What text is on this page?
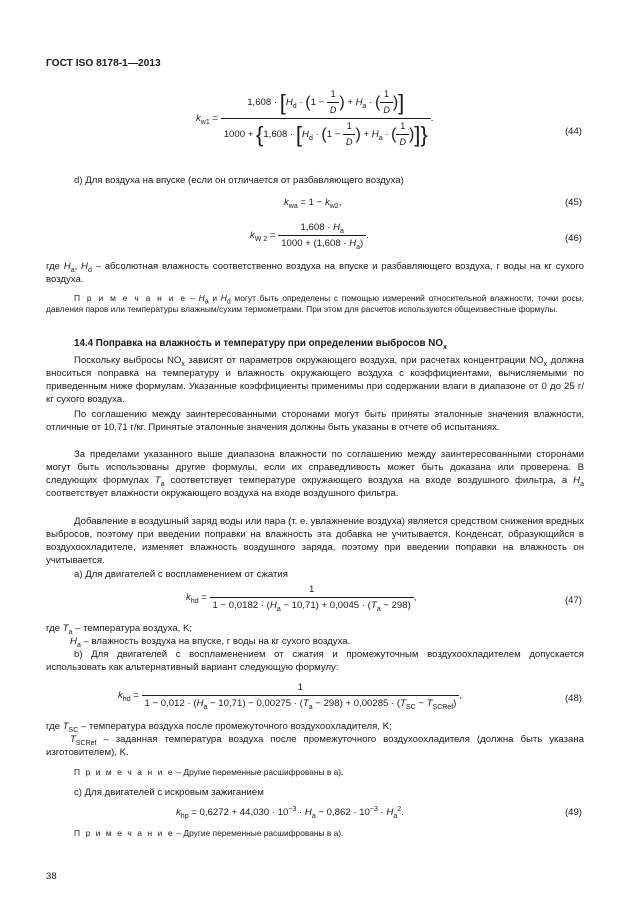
ГОСТ ISO 8178-1—2013
$k_{w1} = \frac{1,608 \cdot [H_d \cdot (1 - \frac{1}{D} ) + H_a \cdot ( \frac{1}{D} )]}{1000 + \{1,608 \cdot [H_d \cdot (1 - \frac{1}{D} ) + H_a \cdot ( \frac{1}{D} )]\}}$ .
(44)
d) Для воздуха на впуске (если он отличается от разбавляющего воздуха)
$k_{wa} = 1 - k_{w2}$,	(45)
$k_{W 2} = \frac{1,608 \cdot H_a}{1000 + (1,608 \cdot H_a)}$ .	(46)
где $H_a$, $H_d$ – абсолютная влажность соответственно воздуха на впуске и разбавляющего воздуха, г воды на кг сухого воздуха.
П р и м е ч а н и е – $H_a$ и $H_d$ могут быть определены с помощью измерений относительной влажности, точки росы, давления паров или температуры влажным/сухим термометрами. При этом для расчетов используются общеизвестные формулы.
14.4 Поправка на влажность и температуру при определении выбросов $NO_x$
Поскольку выбросы $NO_x$ зависят от параметров окружающего воздуха, при расчетах концентрации $NO_x$ должна вноситься поправка на температуру и влажность окружающего воздуха с коэффициентами, вычисляемыми по приведенным ниже формулам. Указанные коэффициенты применимы при содержании влаги в диапазоне от 0 до 25 г/кг сухого воздуха.
По соглашению между заинтересованными сторонами могут быть приняты эталонные значения влажности, отличные от 10,71 г/кг. Принятые эталонные значения должны быть указаны в отчете об испытаниях.
За пределами указанного выше диапазона влажности по соглашению между заинтересованными сторонами могут быть использованы другие формулы, если их справедливость может быть доказана или проверена. В следующих формулах $T_a$ соответствует температуре окружающего воздуха на входе воздушного фильтра, а $H_a$ соответствует влажности окружающего воздуха на входе воздушного фильтра.
Добавление в воздушный заряд воды или пара (т. е. увлажнение воздуха) является средством снижения вредных выбросов, поэтому при введении поправки на влажность эта добавка не учитывается. Конденсат, образующийся в воздухоохладителе, изменяет влажность воздушного заряда, поэтому при введении поправки на влажность он учитывается.
а) Для двигателей с воспламенением от сжатия
$k_{hd} = \frac{1}{1 - 0,0182 \cdot (H_a - 10,71) + 0,0045 \cdot (T_a - 298)}$ ,	(47)
где $T_a$ – температура воздуха, K;
$H_a$ – влажность воздуха на впуске, г воды на кг сухого воздуха.
b) Для двигателей с воспламенением от сжатия и промежуточным воздухоохладителем допускается использовать как альтернативный вариант следующую формулу:
$k_{hd}$ =
1
$1 - 0,012 \cdot (H_a - 10,71) - 0,00275 \cdot (T_a - 298) + 0,00285 \cdot (T_{SC} - T_{SCRef})$
,	(48)
где $T_{SC}$ – температура воздуха после промежуточного воздухоохладителя, K;
$T_{SCRef}$ – заданная температура воздуха после промежуточного воздухоохладителя (должна быть указана изготовителем), K.
П р и м е ч а н и е – Другие переменные расшифрованы в а).
с) Для двигателей с искровым зажиганием
$k_{hp} = 0,6272 + 44,030 \cdot 10^{-3} \cdot H_a - 0,862 \cdot 10^{-3} \cdot H_a^2$.	(49)
П р и м е ч а н и е – Другие переменные расшифрованы в а).
38
